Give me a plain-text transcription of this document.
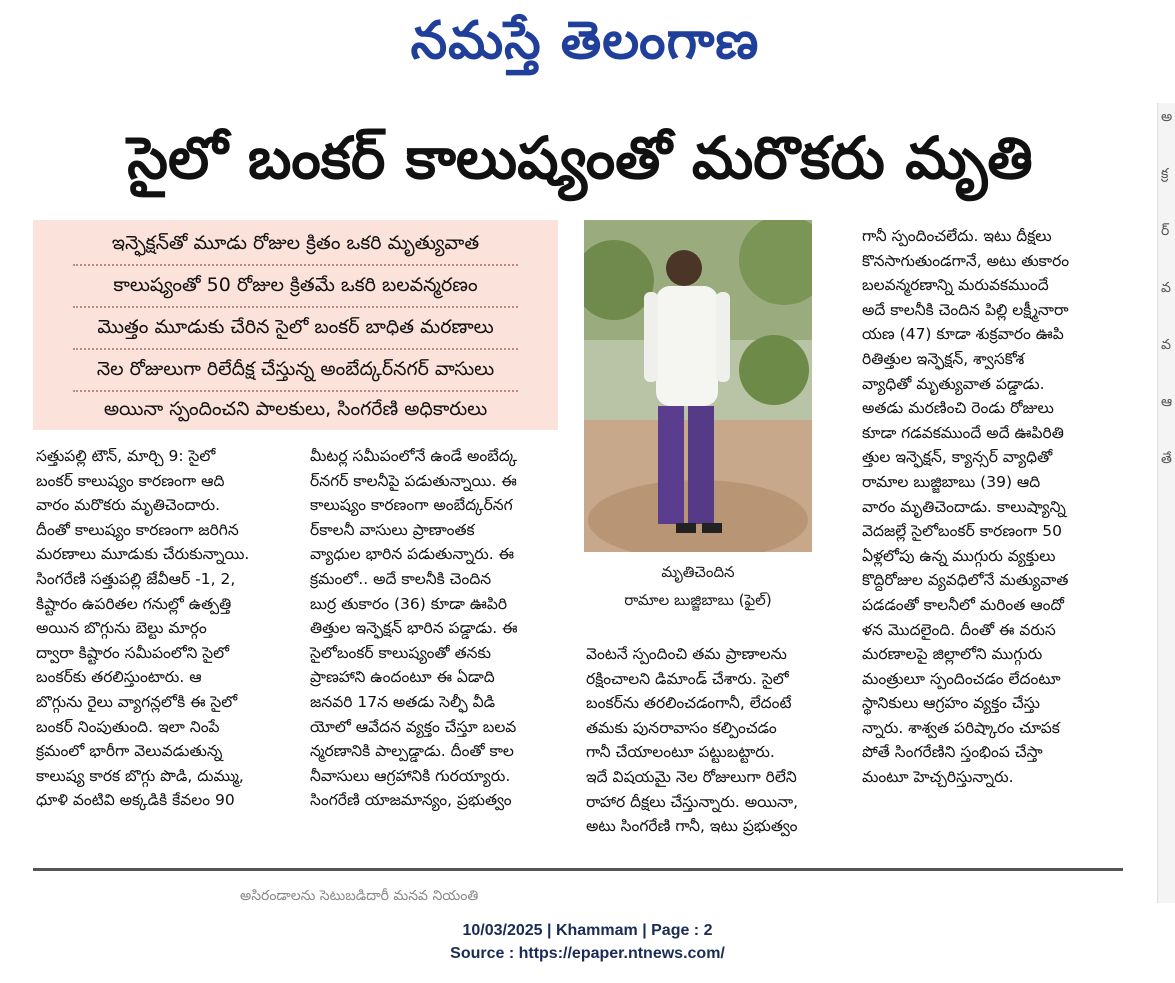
నమస్తే తెలంగాణ
అ
క్ర
ర్
వ
వ
ఆ
తే
సైలో బంకర్ కాలుష్యంతో మరొకరు మృతి
ఇన్ఫెక్షన్‌తో మూడు రోజుల క్రితం ఒకరి మృత్యువాత
కాలుష్యంతో 50 రోజుల క్రితమే ఒకరి బలవన్మరణం
మొత్తం మూడుకు చేరిన సైలో బంకర్ బాధిత మరణాలు
నెల రోజులుగా రిలేదీక్ష చేస్తున్న అంబేద్కర్‌నగర్ వాసులు
అయినా స్పందించని పాలకులు, సింగరేణి అధికారులు

సత్తుపల్లి టౌన్, మార్చి 9: సైలో

బంకర్ కాలుష్యం కారణంగా ఆది

వారం మరొకరు మృతిచెందారు.

దీంతో కాలుష్యం కారణంగా జరిగిన

మరణాలు మూడుకు చేరుకున్నాయి.

సింగరేణి సత్తుపల్లి జేవీఆర్ -1, 2,

కిష్టారం ఉపరితల గనుల్లో ఉత్పత్తి

అయిన బొగ్గును బెల్టు మార్గం

ద్వారా కిష్టారం సమీపంలోని సైలో

బంకర్‌కు తరలిస్తుంటారు. ఆ

బొగ్గును రైలు వ్యాగన్లలోకి ఈ సైలో

బంకర్ నింపుతుంది. ఇలా నింపే

క్రమంలో భారీగా వెలువడుతున్న

కాలుష్య కారక బొగ్గు పొడి, దుమ్ము,

ధూళి వంటివి అక్కడికి కేవలం 90

మీటర్ల సమీపంలోనే ఉండే అంబేద్క

ర్‌నగర్ కాలనీపై పడుతున్నాయి. ఈ

కాలుష్యం కారణంగా అంబేద్కర్‌నగ

ర్‌కాలనీ వాసులు ప్రాణాంతక

వ్యాధుల భారిన పడుతున్నారు. ఈ

క్రమంలో.. అదే కాలనీకి చెందిన

బుర్ర తుకారం (36) కూడా ఊపిరి

తిత్తుల ఇన్ఫెక్షన్ భారిన పడ్డాడు. ఈ

సైలోబంకర్ కాలుష్యంతో తనకు

ప్రాణహాని ఉందంటూ ఈ ఏడాది

జనవరి 17న అతడు సెల్ఫీ వీడి

యోలో ఆవేదన వ్యక్తం చేస్తూ బలవ

న్మరణానికి పాల్పడ్డాడు. దీంతో కాల

నీవాసులు ఆగ్రహానికి గురయ్యారు.

సింగరేణి యాజమాన్యం, ప్రభుత్వం

మృతిచెందిన
రామాల బుజ్జిబాబు (ఫైల్)

వెంటనే స్పందించి తమ ప్రాణాలను

రక్షించాలని డిమాండ్ చేశారు. సైలో

బంకర్‌ను తరలించడంగానీ, లేదంటే

తమకు పునరావాసం కల్పించడం

గానీ చేయాలంటూ పట్టుబట్టారు.

ఇదే విషయమై నెల రోజులుగా రిలేని

రాహార దీక్షలు చేస్తున్నారు. అయినా,

అటు సింగరేణి గానీ, ఇటు ప్రభుత్వం

గానీ స్పందించలేదు. ఇటు దీక్షలు

కొనసాగుతుండగానే, అటు తుకారం

బలవన్మరణాన్ని మరువకముందే

అదే కాలనీకి చెందిన పిల్లి లక్ష్మీనారా

యణ (47) కూడా శుక్రవారం ఊపి

రితిత్తుల ఇన్ఫెక్షన్, శ్వాసకోశ

వ్యాధితో మృత్యువాత పడ్డాడు.

అతడు మరణించి రెండు రోజులు

కూడా గడవకముందే అదే ఊపిరితి

త్తుల ఇన్ఫెక్షన్, క్యాన్సర్ వ్యాధితో

రామాల బుజ్జిబాబు (39) ఆది

వారం మృతిచెందాడు. కాలుష్యాన్ని

వెదజల్లే సైలోబంకర్ కారణంగా 50

ఏళ్లలోపు ఉన్న ముగ్గురు వ్యక్తులు

కొద్దిరోజుల వ్యవధిలోనే మత్యువాత

పడడంతో కాలనీలో మరింత ఆందో

ళన మొదలైంది. దీంతో ఈ వరుస

మరణాలపై జిల్లాలోని ముగ్గురు

మంత్రులూ స్పందించడం లేదంటూ

స్థానికులు ఆగ్రహం వ్యక్తం చేస్తు

న్నారు. శాశ్వత పరిష్కారం చూపక

పోతే సింగరేణిని స్తంభింప చేస్తా

మంటూ హెచ్చరిస్తున్నారు.

అసిరండాలను సెటుబడిదారీ మనవ నియంతి
10/03/2025 | Khammam | Page : 2
Source : https://epaper.ntnews.com/
